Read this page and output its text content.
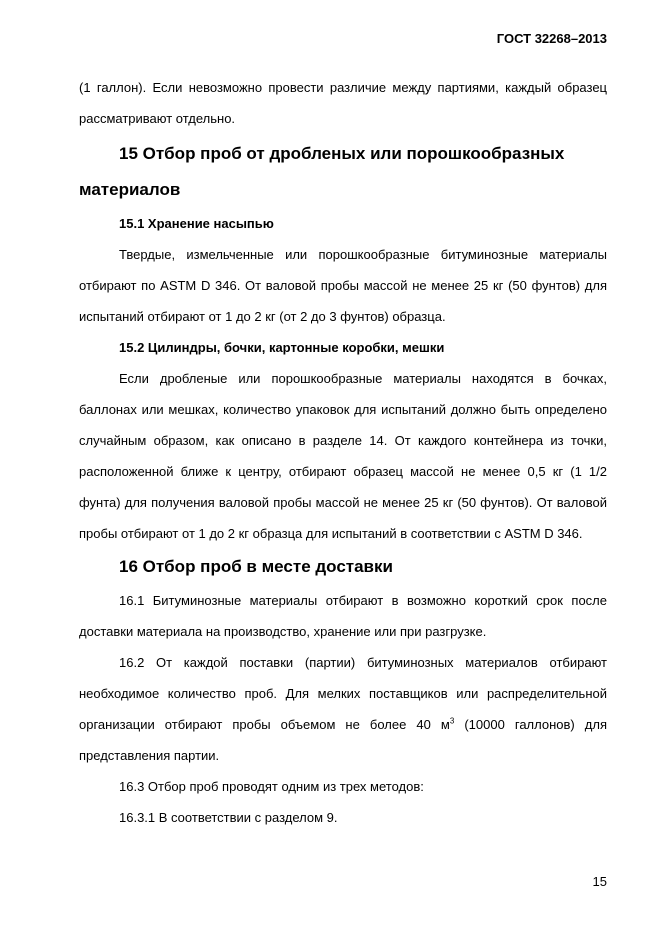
ГОСТ 32268–2013

(1 галлон). Если невозможно провести различие между партиями, каждый образец рассматривают отдельно.

15 Отбор проб от дробленых или порошкообразных материалов

15.1 Хранение насыпью

Твердые, измельченные или порошкообразные битуминозные материалы отбирают по ASTM D 346. От валовой пробы массой не менее 25 кг (50 фунтов) для испытаний отбирают от 1 до 2 кг (от 2 до 3 фунтов) образца.

15.2 Цилиндры, бочки, картонные коробки, мешки

Если дробленые или порошкообразные материалы находятся в бочках, баллонах или мешках, количество упаковок для испытаний должно быть определено случайным образом, как описано в разделе 14. От каждого контейнера из точки, расположенной ближе к центру, отбирают образец массой не менее 0,5 кг (1 1/2 фунта) для получения валовой пробы массой не менее 25 кг (50 фунтов). От валовой пробы отбирают от 1 до 2 кг образца для испытаний в соответствии с ASTM D 346.

16 Отбор проб в месте доставки

16.1 Битуминозные материалы отбирают в возможно короткий срок после доставки материала на производство, хранение или при разгрузке.

16.2 От каждой поставки (партии) битуминозных материалов отбирают необходимое количество проб. Для мелких поставщиков или распределительной организации отбирают пробы объемом не более 40 $м^3$ (10000 галлонов) для представления партии.

16.3 Отбор проб проводят одним из трех методов:

16.3.1 В соответствии с разделом 9.

15
